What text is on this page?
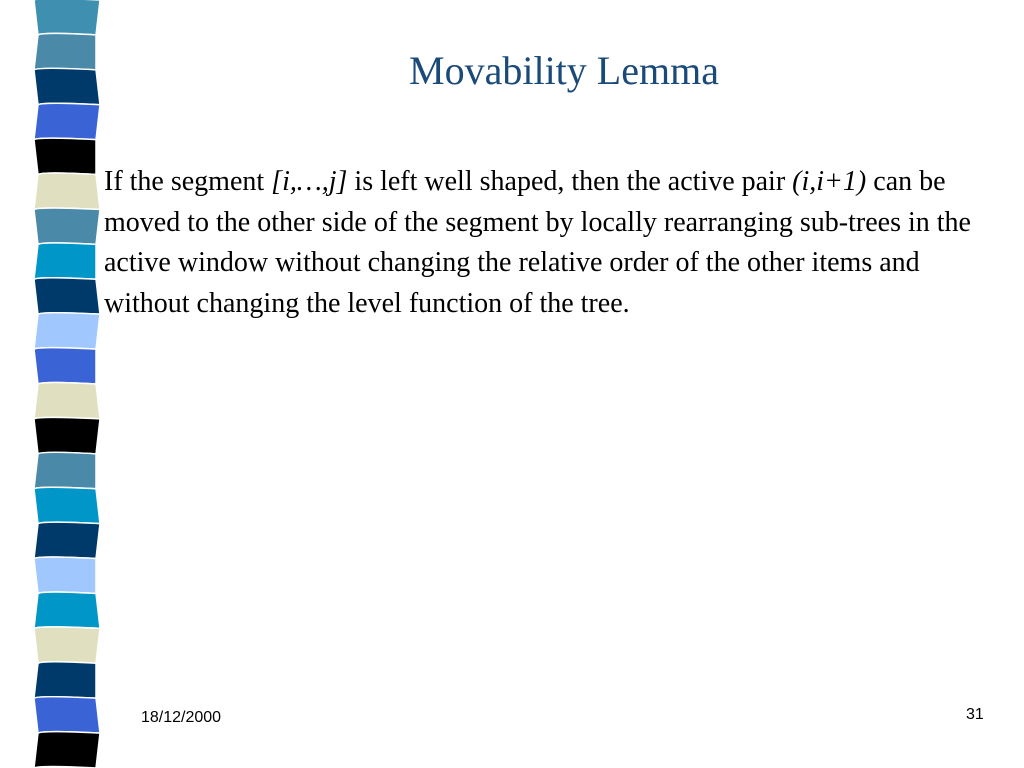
Movability Lemma
If the segment [i,…,j] is left well shaped, then the active pair (i,i+1) can be moved to the other side of the segment by locally rearranging sub-trees in the active window without changing the relative order of the other items and without changing the level function of the tree.
18/12/2000	31
